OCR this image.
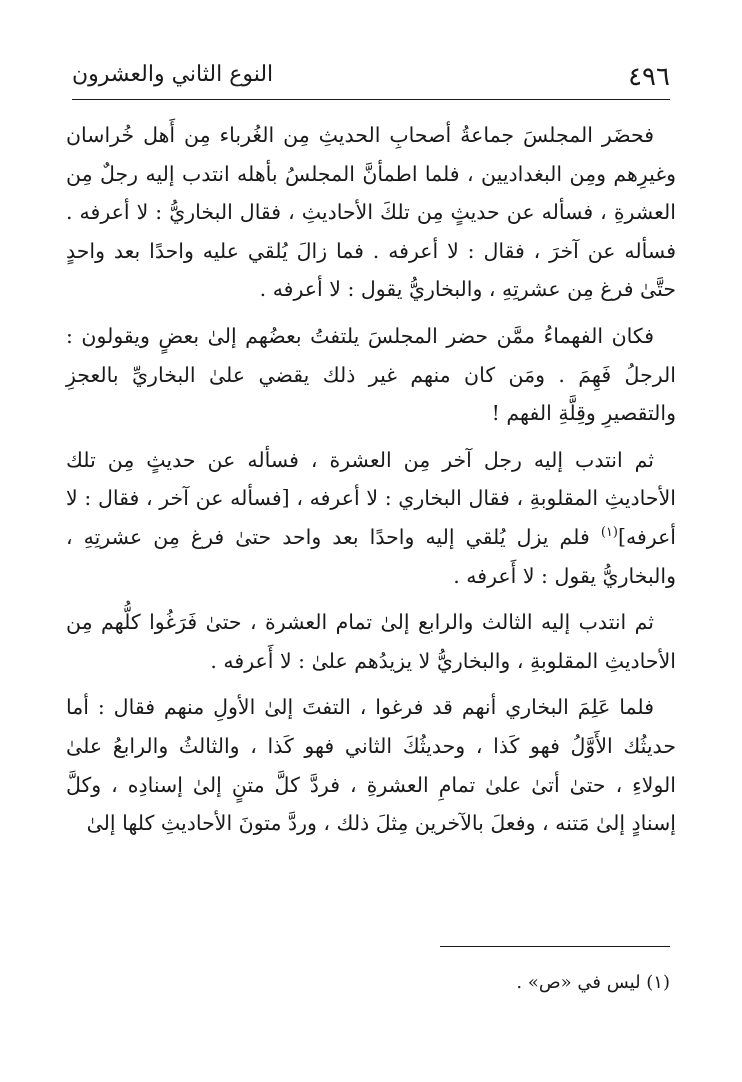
٤٩٦
النوع الثاني والعشرون

فحضَر المجلسَ جماعةُ أصحابِ الحديثِ مِن الغُرباء مِن أَهل خُراسان وغيرِهم ومِن البغداديين ، فلما اطمأنَّ المجلسُ بأهله انتدب إليه رجلٌ مِن العشرةِ ، فسأله عن حديثٍ مِن تلكَ الأحاديثِ ، فقال البخاريُّ : لا أعرفه . فسأله عن آخرَ ، فقال : لا أعرفه . فما زالَ يُلقي عليه واحدًا بعد واحدٍ حتَّىٰ فرغ مِن عشرتِهِ ، والبخاريُّ يقول : لا أعرفه .

فكان الفهماءُ ممَّن حضر المجلسَ يلتفتُ بعضُهم إلىٰ بعضٍ ويقولون : الرجلُ فَهِمَ . ومَن كان منهم غير ذلك يقضي علىٰ البخاريِّ بالعجزِ والتقصيرِ وقِلَّةِ الفهم !

ثم انتدب إليه رجل آخر مِن العشرة ، فسأله عن حديثٍ مِن تلك الأحاديثِ المقلوبةِ ، فقال البخاري : لا أعرفه ، [فسأله عن آخر ، فقال : لا أعرفه]$^{(١)}$ فلم يزل يُلقي إليه واحدًا بعد واحد حتىٰ فرغ مِن عشرتِهِ ، والبخاريُّ يقول : لا أَعرفه .

ثم انتدب إليه الثالث والرابع إلىٰ تمام العشرة ، حتىٰ فَرَغُوا كلُّهم مِن الأحاديثِ المقلوبةِ ، والبخاريُّ لا يزيدُهم علىٰ : لا أَعرفه .

فلما عَلِمَ البخاري أنهم قد فرغوا ، التفتَ إلىٰ الأولِ منهم فقال : أما حديثُك الأَوَّلُ فهو كَذا ، وحديثُكَ الثاني فهو كَذا ، والثالثُ والرابعُ علىٰ الولاءِ ، حتىٰ أتىٰ علىٰ تمامِ العشرةِ ، فردَّ كلَّ متنٍ إلىٰ إسنادِه ، وكلَّ إسنادٍ إلىٰ مَتنه ، وفعلَ بالآخرين مِثلَ ذلك ، وردَّ متونَ الأحاديثِ كلها إلىٰ

(١) ليس في «ص» .
